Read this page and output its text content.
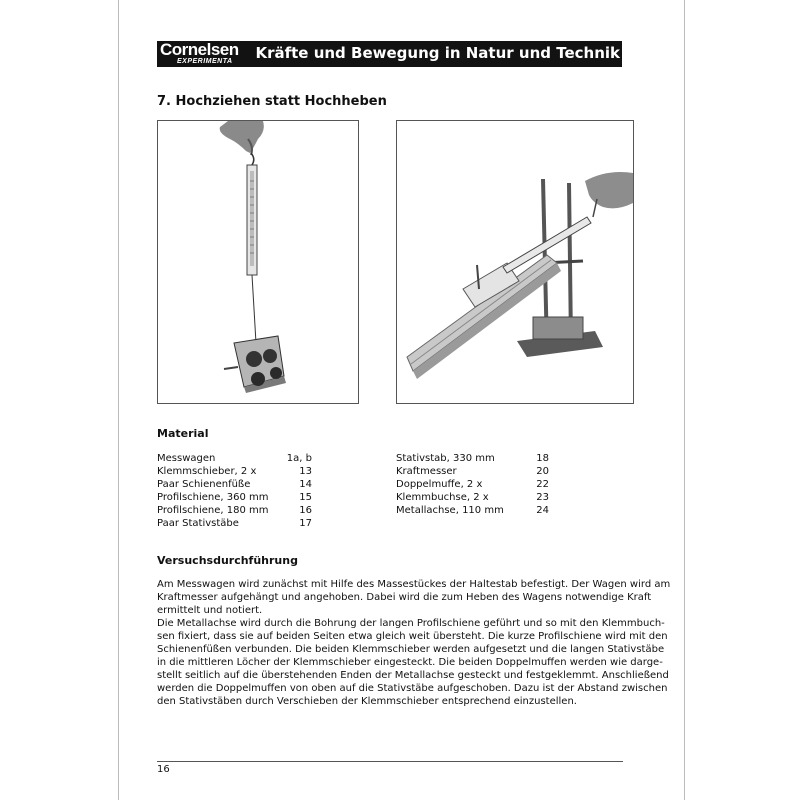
Cornelsen
EXPERIMENTA Kräfte und Bewegung in Natur und Technik
7. Hochziehen statt Hochheben
Material
Messwagen	1a, b
Klemmschieber, 2 x	13
Paar Schienenfüße	14
Profilschiene, 360 mm	15
Profilschiene, 180 mm	16
Paar Stativstäbe	17
Stativstab, 330 mm	18
Kraftmesser	20
Doppelmuffe, 2 x	22
Klemmbuchse, 2 x	23
Metallachse, 110 mm	24
Versuchsdurchführung
Am Messwagen wird zunächst mit Hilfe des Massestückes der Haltestab befestigt. Der Wagen wird am
Kraftmesser aufgehängt und angehoben. Dabei wird die zum Heben des Wagens notwendige Kraft
ermittelt und notiert.
Die Metallachse wird durch die Bohrung der langen Profilschiene geführt und so mit den Klemmbuch-
sen fixiert, dass sie auf beiden Seiten etwa gleich weit übersteht. Die kurze Profilschiene wird mit den
Schienenfüßen verbunden. Die beiden Klemmschieber werden aufgesetzt und die langen Stativstäbe
in die mittleren Löcher der Klemmschieber eingesteckt. Die beiden Doppelmuffen werden wie darge-
stellt seitlich auf die überstehenden Enden der Metallachse gesteckt und festgeklemmt. Anschließend
werden die Doppelmuffen von oben auf die Stativstäbe aufgeschoben. Dazu ist der Abstand zwischen
den Stativstäben durch Verschieben der Klemmschieber entsprechend einzustellen.
16
